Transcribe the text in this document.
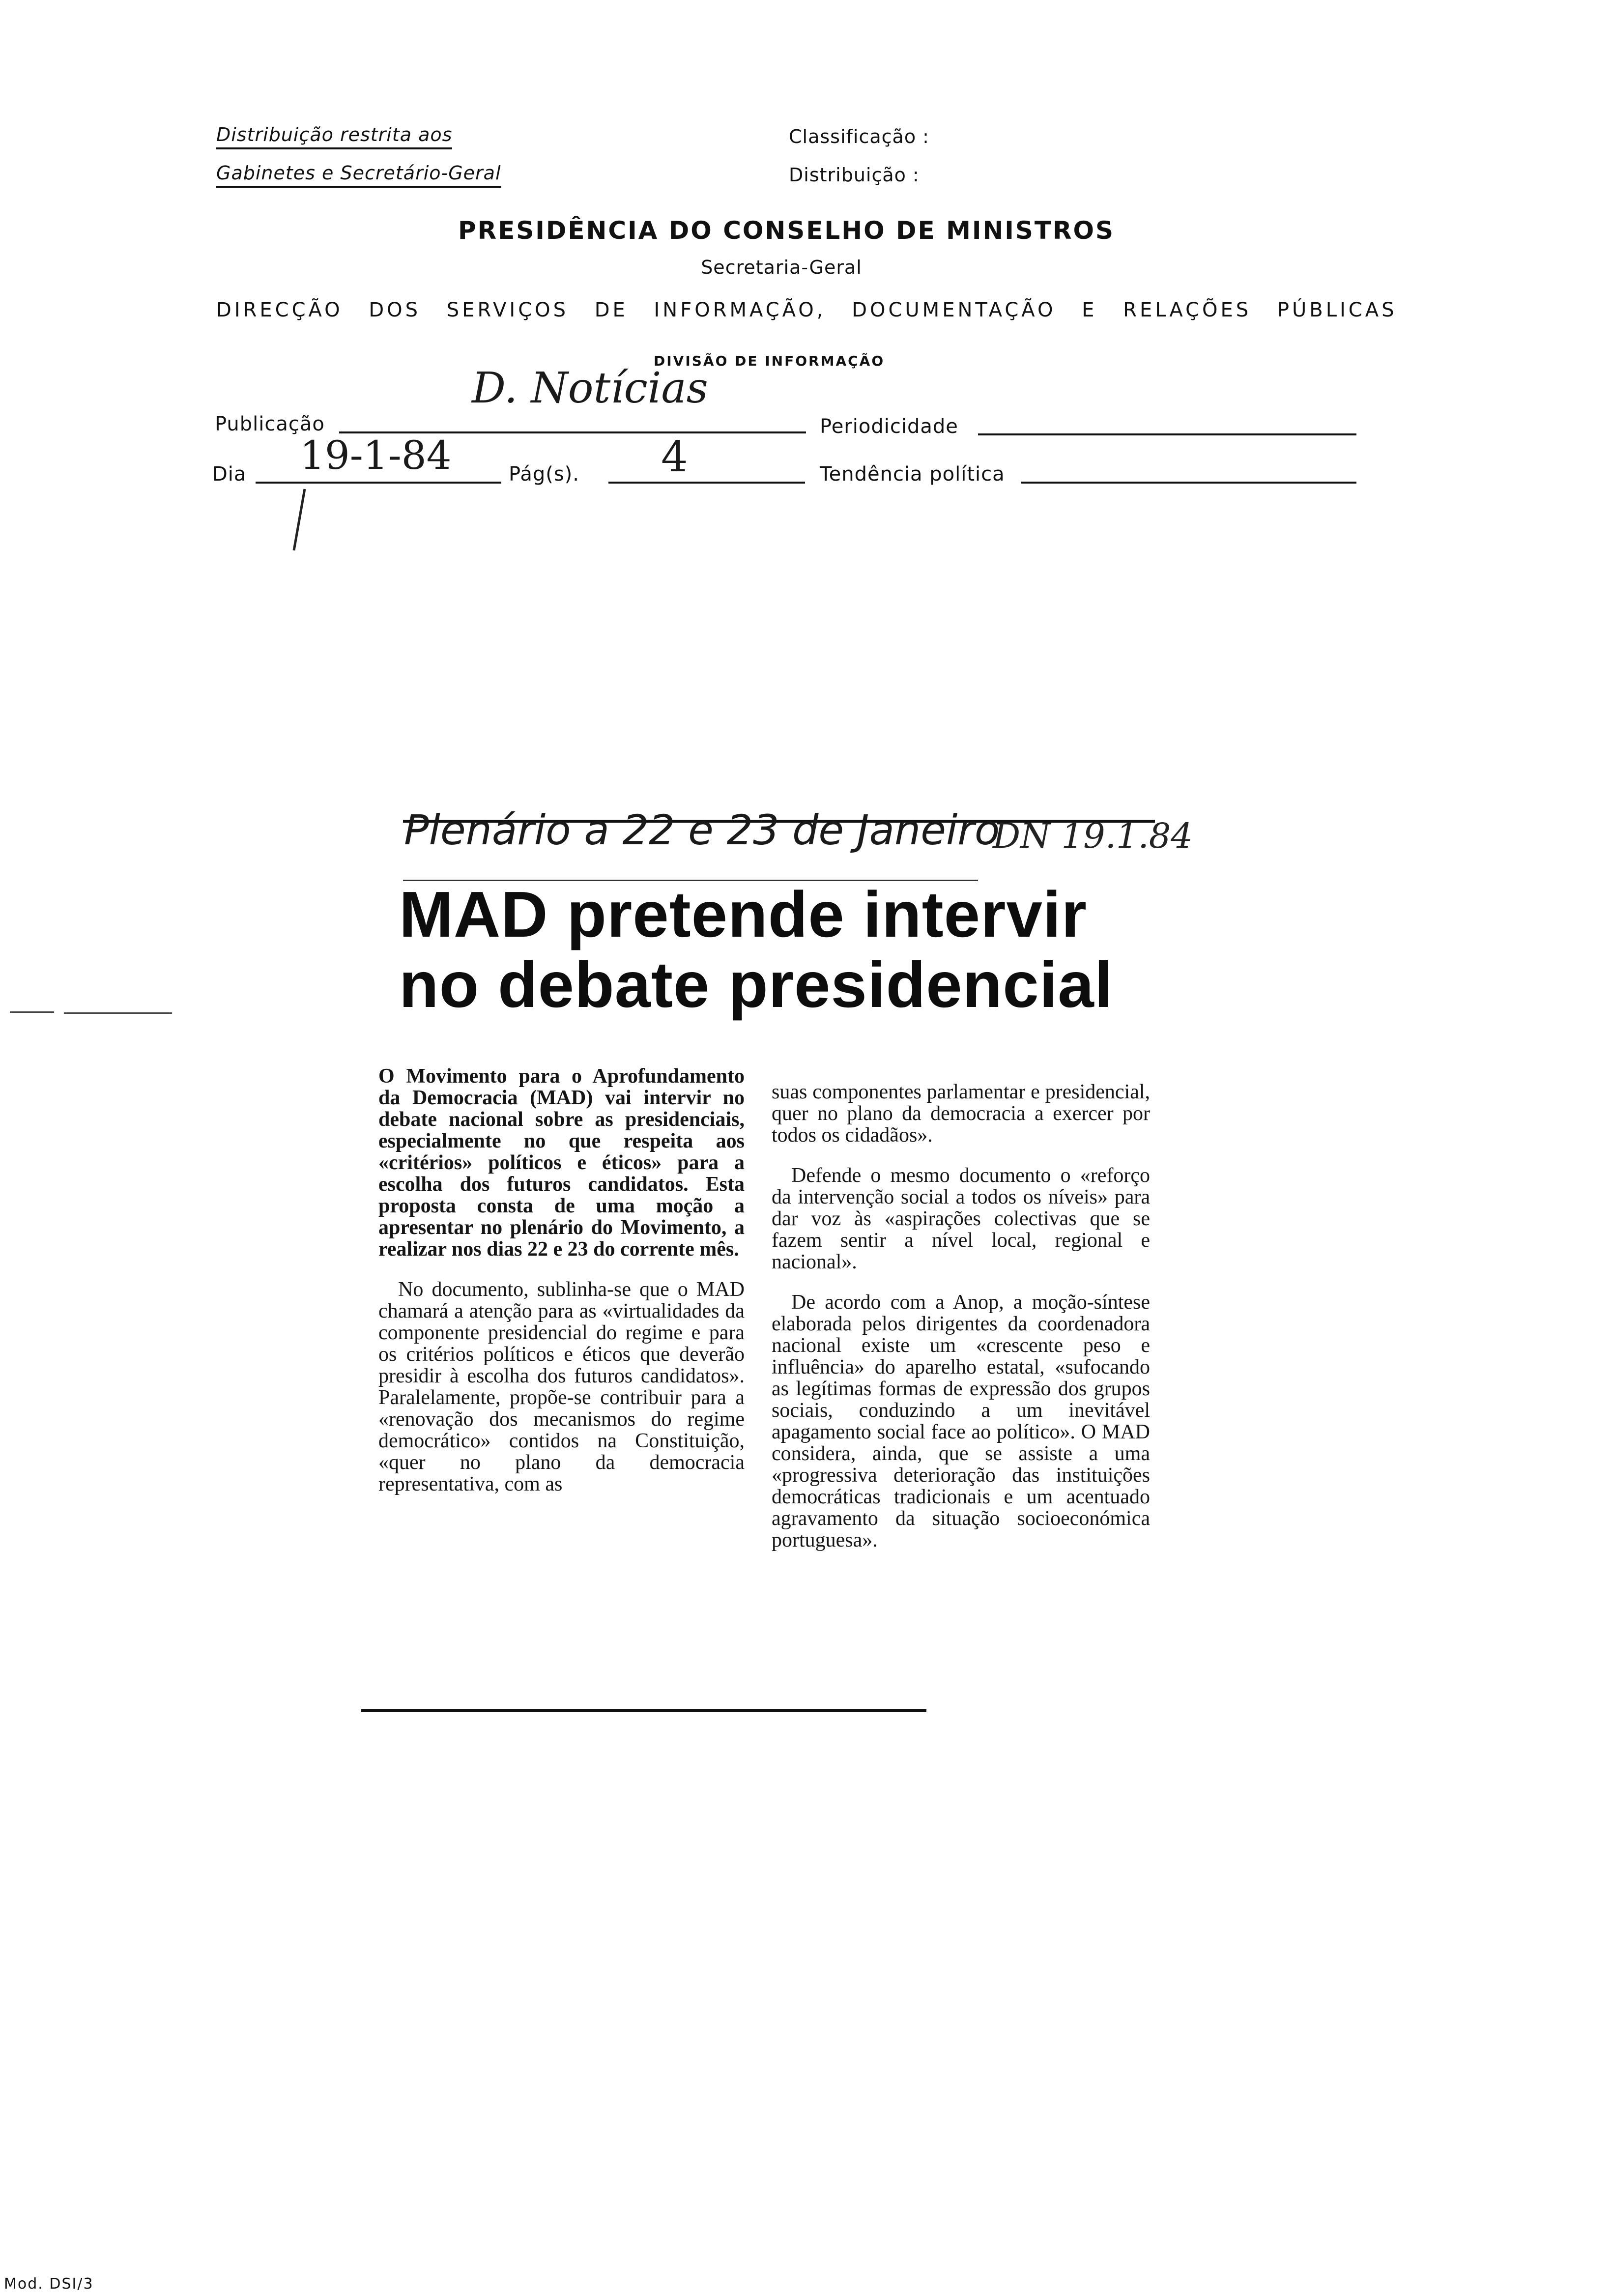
Distribuição restrita aos
Gabinetes e Secretário-Geral
Classificação :
Distribuição :
PRESIDÊNCIA DO CONSELHO DE MINISTROS
Secretaria-Geral
DIRECÇÃO DOS SERVIÇOS DE INFORMAÇÃO, DOCUMENTAÇÃO E RELAÇÕES PÚBLICAS
DIVISÃO DE INFORMAÇÃO
Publicação
D. Notícias
Periodicidade
Dia 19-1-84	Pág(s). 4	Tendência política
Plenário a 22 e 23 de Janeiro
DN 19.1.84
MAD pretende intervir
no debate presidencial

O Movimento para o Aprofundamento da Democracia (MAD) vai intervir no debate nacional sobre as presidenciais, especialmente no que respeita aos «critérios» políticos e éticos» para a escolha dos futuros candidatos. Esta proposta consta de uma moção a apresentar no plenário do Movimento, a realizar nos dias 22 e 23 do corrente mês.

No documento, sublinha-se que o MAD chamará a atenção para as «virtualidades da componente presidencial do regime e para os critérios políticos e éticos que deverão presidir à escolha dos futuros candidatos». Paralelamente, propõe-se contribuir para a «renovação dos mecanismos do regime democrático» contidos na Constituição, «quer no plano da democracia representativa, com as

suas componentes parlamentar e presidencial, quer no plano da democracia a exercer por todos os cidadãos».

Defende o mesmo documento o «reforço da intervenção social a todos os níveis» para dar voz às «aspirações colectivas que se fazem sentir a nível local, regional e nacional».

De acordo com a Anop, a moção-síntese elaborada pelos dirigentes da coordenadora nacional existe um «crescente peso e influência» do aparelho estatal, «sufocando as legítimas formas de expressão dos grupos sociais, conduzindo a um inevitável apagamento social face ao político». O MAD considera, ainda, que se assiste a uma «progressiva deterioração das instituições democráticas tradicionais e um acentuado agravamento da situação socioeconómica portuguesa».

Mod. DSI/3
